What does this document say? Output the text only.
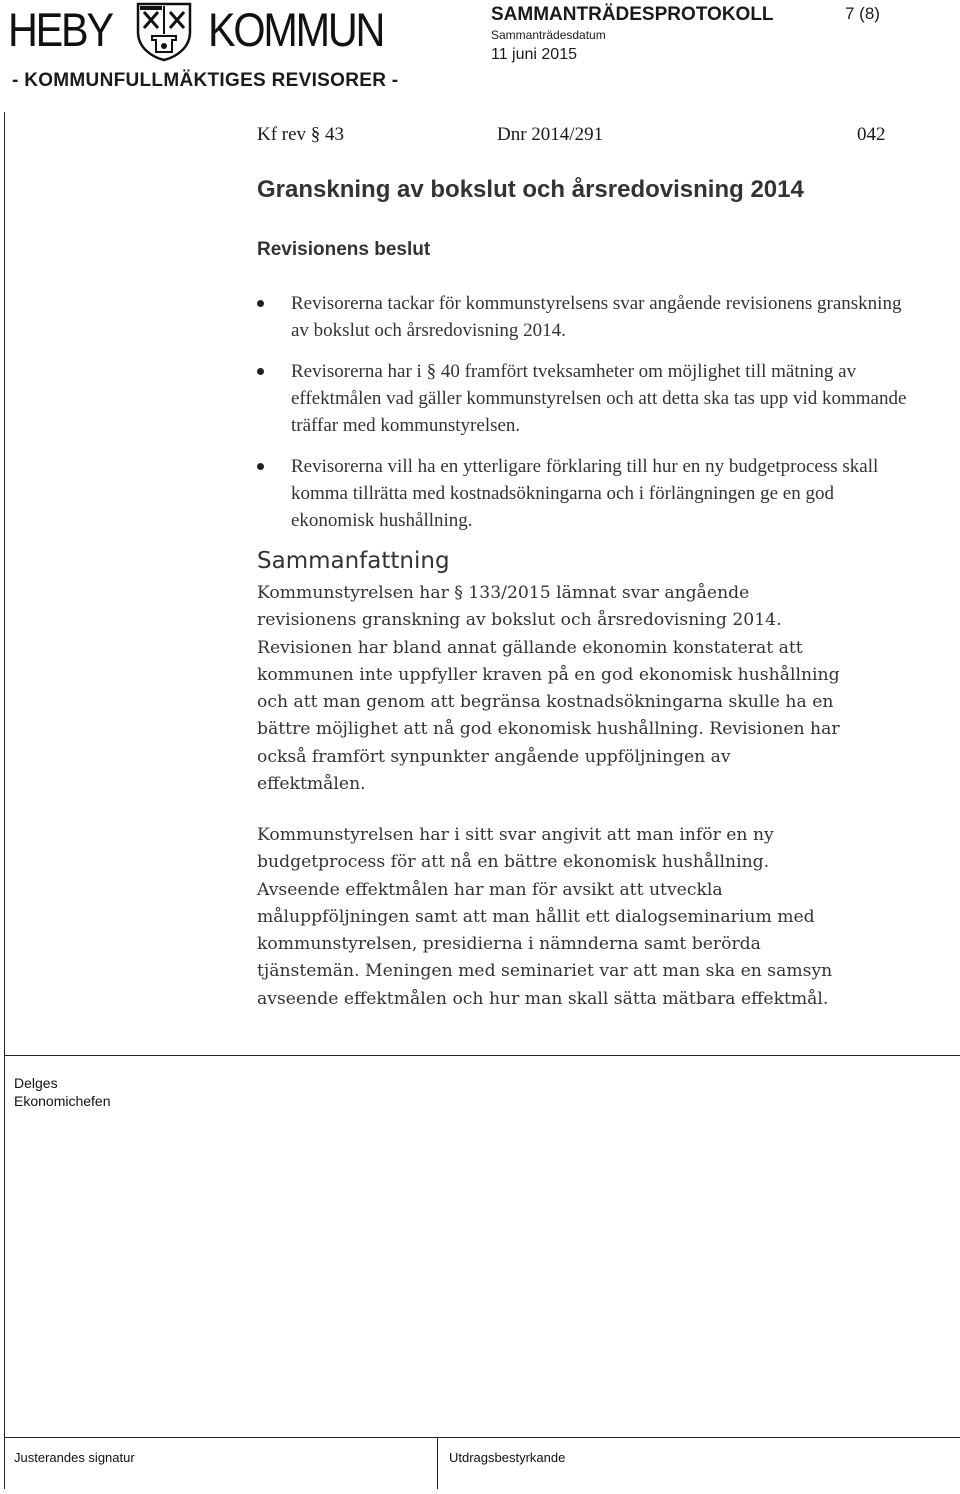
HEBY KOMMUN
- KOMMUNFULLMÄKTIGES REVISORER -
SAMMANTRÄDESPROTOKOLL	7 (8)
Sammanträdesdatum
11 juni 2015
Kf rev § 43	Dnr 2014/291	042
Granskning av bokslut och årsredovisning 2014
Revisionens beslut
Revisorerna tackar för kommunstyrelsens svar angående revisionens granskning av bokslut och årsredovisning 2014.
Revisorerna har i § 40 framfört tveksamheter om möjlighet till mätning av effektmålen vad gäller kommunstyrelsen och att detta ska tas upp vid kommande träffar med kommunstyrelsen.
Revisorerna vill ha en ytterligare förklaring till hur en ny budgetprocess skall komma tillrätta med kostnadsökningarna och i förlängningen ge en god ekonomisk hushållning.
Sammanfattning
Kommunstyrelsen har § 133/2015 lämnat svar angående
revisionens granskning av bokslut och årsredovisning 2014.
Revisionen har bland annat gällande ekonomin konstaterat att
kommunen inte uppfyller kraven på en god ekonomisk hushållning
och att man genom att begränsa kostnadsökningarna skulle ha en
bättre möjlighet att nå god ekonomisk hushållning. Revisionen har
också framfört synpunkter angående uppföljningen av
effektmålen.
Kommunstyrelsen har i sitt svar angivit att man inför en ny
budgetprocess för att nå en bättre ekonomisk hushållning.
Avseende effektmålen har man för avsikt att utveckla
måluppföljningen samt att man hållit ett dialogseminarium med
kommunstyrelsen, presidierna i nämnderna samt berörda
tjänstemän. Meningen med seminariet var att man ska en samsyn
avseende effektmålen och hur man skall sätta mätbara effektmål.
Delges
Ekonomichefen
Justerandes signatur	Utdragsbestyrkande
